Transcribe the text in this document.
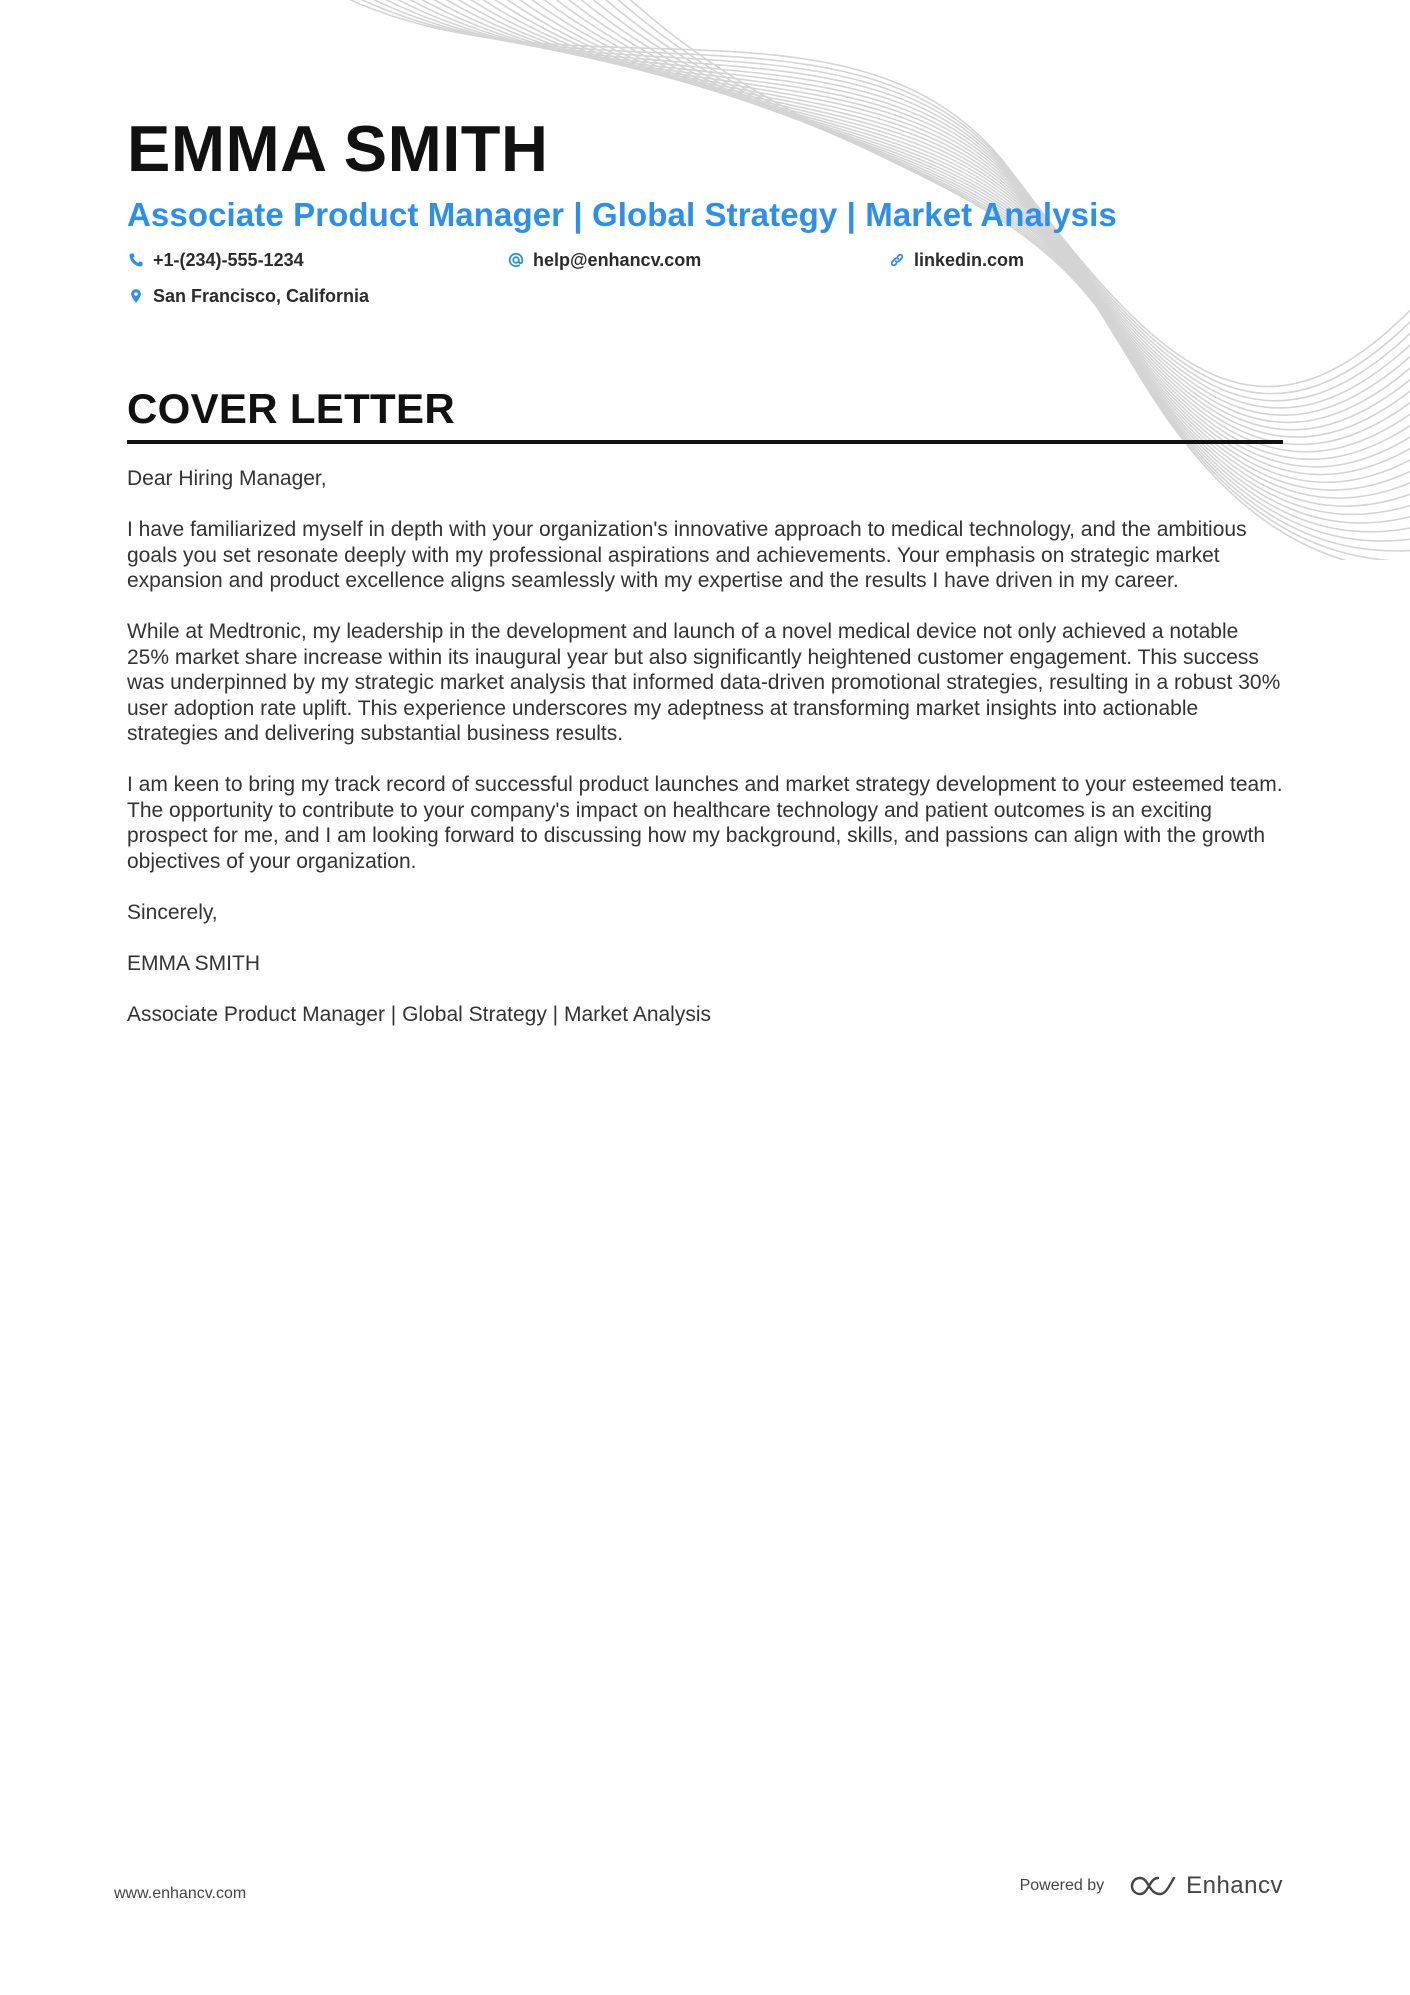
EMMA SMITH
Associate Product Manager | Global Strategy | Market Analysis
+1-(234)-555-1234	help@enhancv.com	linkedin.com
San Francisco, California
COVER LETTER

Dear Hiring Manager,

I have familiarized myself in depth with your organization's innovative approach to medical technology, and the ambitious goals you set resonate deeply with my professional aspirations and achievements. Your emphasis on strategic market expansion and product excellence aligns seamlessly with my expertise and the results I have driven in my career.

While at Medtronic, my leadership in the development and launch of a novel medical device not only achieved a notable 25% market share increase within its inaugural year but also significantly heightened customer engagement. This success was underpinned by my strategic market analysis that informed data-driven promotional strategies, resulting in a robust 30% user adoption rate uplift. This experience underscores my adeptness at transforming market insights into actionable strategies and delivering substantial business results.

I am keen to bring my track record of successful product launches and market strategy development to your esteemed team. The opportunity to contribute to your company's impact on healthcare technology and patient outcomes is an exciting prospect for me, and I am looking forward to discussing how my background, skills, and passions can align with the growth objectives of your organization.

Sincerely,

EMMA SMITH

Associate Product Manager | Global Strategy | Market Analysis

www.enhancv.com	Powered by	Enhancv
